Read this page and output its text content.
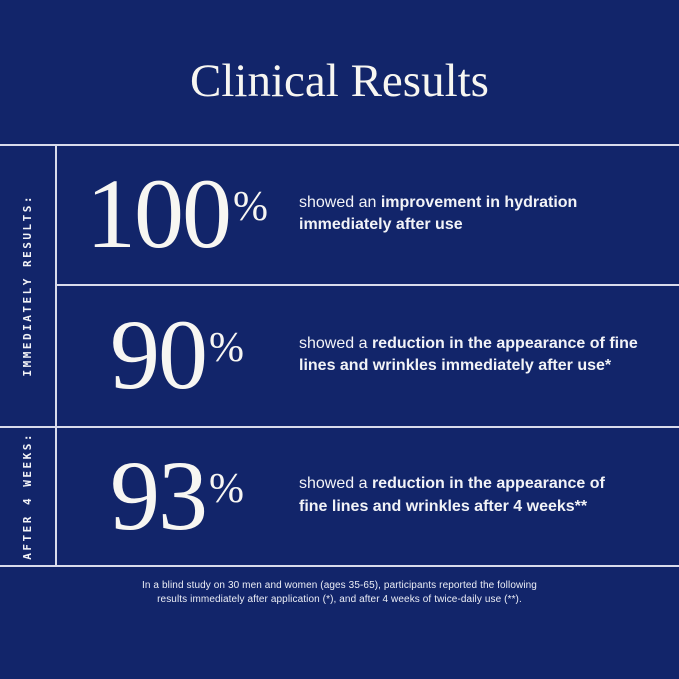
Clinical Results
IMMEDIATELY RESULTS:
AFTER 4 WEEKS:
100%	showed an improvement in hydration
immediately after use

90%	showed a reduction in the appearance of fine
lines and wrinkles immediately after use*

93%	showed a reduction in the appearance of
fine lines and wrinkles after 4 weeks**

In a blind study on 30 men and women (ages 35-65), participants reported the following
results immediately after application (*), and after 4 weeks of twice-daily use (**).
